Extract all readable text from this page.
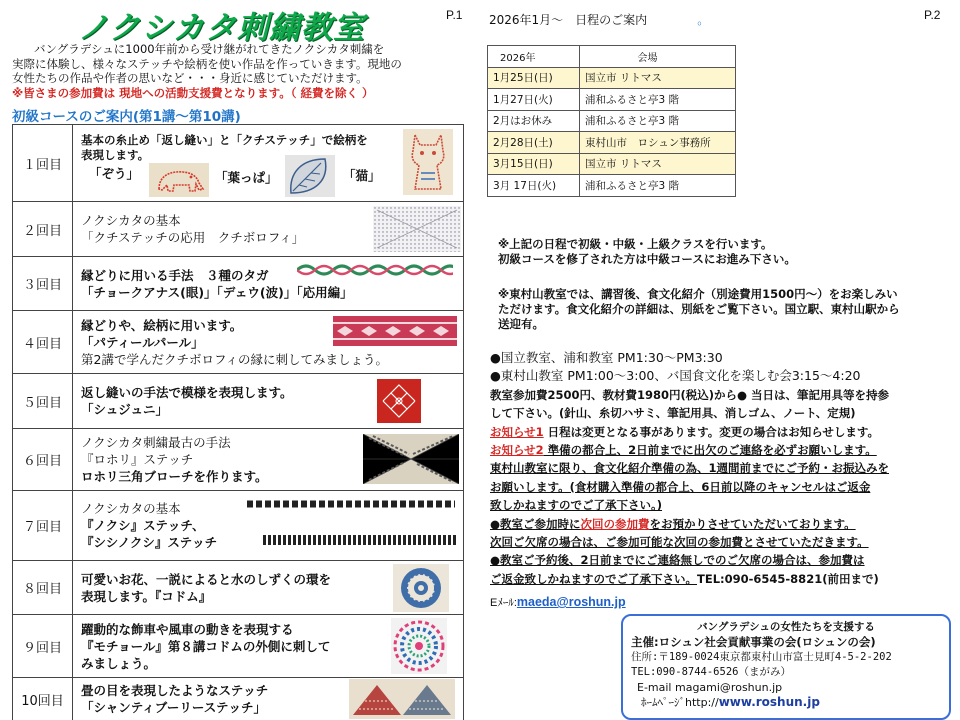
ノクシカタ刺繍教室	P.1	P.2
バングラデシュに1000年前から受け継がれてきたノクシカタ刺繍を
実際に体験し、様々なステッチや絵柄を使い作品を作っていきます。現地の
女性たちの作品や作者の思いなど・・・身近に感じていただけます。
※皆さまの参加費は 現地への活動支援費となります。（ 経費を除く ）
初級コースのご案内(第1講～第10講)
１回目	基本の糸止め「返し縫い」と「クチステッチ」で絵柄を
表現します。
「ぞう」 「葉っぱ」 「猫」

２回目	ノクシカタの基本
「クチステッチの応用　クチボロフィ」

３回目	縁どりに用いる手法　３種のタガ
「チョークアナス(眼)」「デェウ(波)」「応用編」

４回目	縁どりや、絵柄に用います。
「パティールパール」
第2講で学んだクチボロフィの縁に刺してみましょう。

５回目	返し縫いの手法で模様を表現します。
「シュジュニ」

６回目	ノクシカタ刺繍最古の手法
『ロホリ』ステッチ
ロホリ三角ブローチを作ります。

７回目	ノクシカタの基本
『ノクシ』ステッチ、
『シシノクシ』ステッチ

８回目	可愛いお花、一説によると水のしずくの環を
表現します。『コドム』

９回目	躍動的な飾車や風車の動きを表現する
『モチョール』第８講コドムの外側に刺して
みましょう。

10回目	畳の目を表現したようなステッチ
「シャンティブーリーステッチ」
2026年1月～　日程のご案内	。
2026年	会場
1月25日(日)	国立市 リトマス
1月27日(火)	浦和ふるさと亭3 階
2月はお休み	浦和ふるさと亭3 階
2月28日(土)	東村山市　ロシュン事務所
3月15日(日)	国立市 リトマス
3月 17日(火)	浦和ふるさと亭3 階
※上記の日程で初級・中級・上級クラスを行います。
初級コースを修了された方は中級コースにお進み下さい。
※東村山教室では、講習後、食文化紹介（別途費用1500円～）をお楽しみい
ただけます。食文化紹介の詳細は、別紙をご覧下さい。国立駅、東村山駅から
送迎有。
●国立教室、浦和教室 PM1:30～PM3:30
●東村山教室 PM1:00～3:00、バ国食文化を楽しむ会3:15～4:20
教室参加費2500円、教材費1980円(税込)から● 当日は、筆記用具等を持参
して下さい。(針山、糸切ハサミ、筆記用具、消しゴム、ノート、定規)
お知らせ1 日程は変更となる事があります。変更の場合はお知らせします。
お知らせ2 準備の都合上、2日前までに出欠のご連絡を必ずお願いします。
東村山教室に限り、食文化紹介準備の為、1週間前までにご予約・お振込みを
お願いします。(食材購入準備の都合上、6日前以降のキャンセルはご返金
致しかねますのでご了承下さい。)
●教室ご参加時に次回の参加費をお預かりさせていただいております。
次回ご欠席の場合は、ご参加可能な次回の参加費とさせていただきます。
●教室ご予約後、2日前までにご連絡無しでのご欠席の場合は、参加費は
ご返金致しかねますのでご了承下さい。TEL:090-6545-8821(前田まで)
Eﾒｰﾙ:maeda@roshun.jp
バングラデシュの女性たちを支援する
主催:ロシュン社会貢献事業の会(ロシュンの会)
住所:〒189-0024東京都東村山市富士見町4-5-2-202
TEL:090-8744-6526（まがみ）
E-mail magami@roshun.jp
ﾎｰﾑﾍﾟｰｼﾞhttp://www.roshun.jp
